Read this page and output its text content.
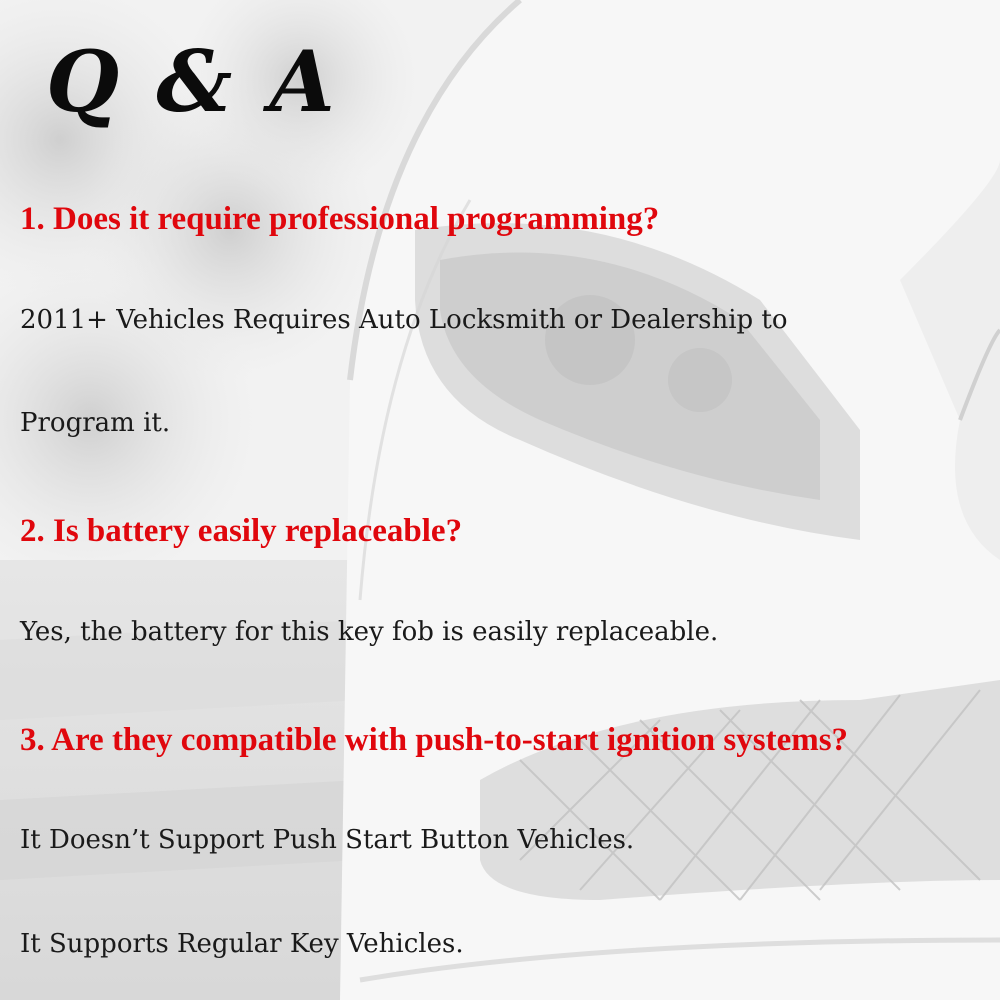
Q & A
1. Does it require professional programming?
2011+ Vehicles Requires Auto Locksmith or Dealership to
Program it.
2. Is battery easily replaceable?
Yes, the battery for this key fob is easily replaceable.
3. Are they compatible with push-to-start ignition systems?
It Doesn’t Support Push Start Button Vehicles.
It Supports Regular Key Vehicles.
